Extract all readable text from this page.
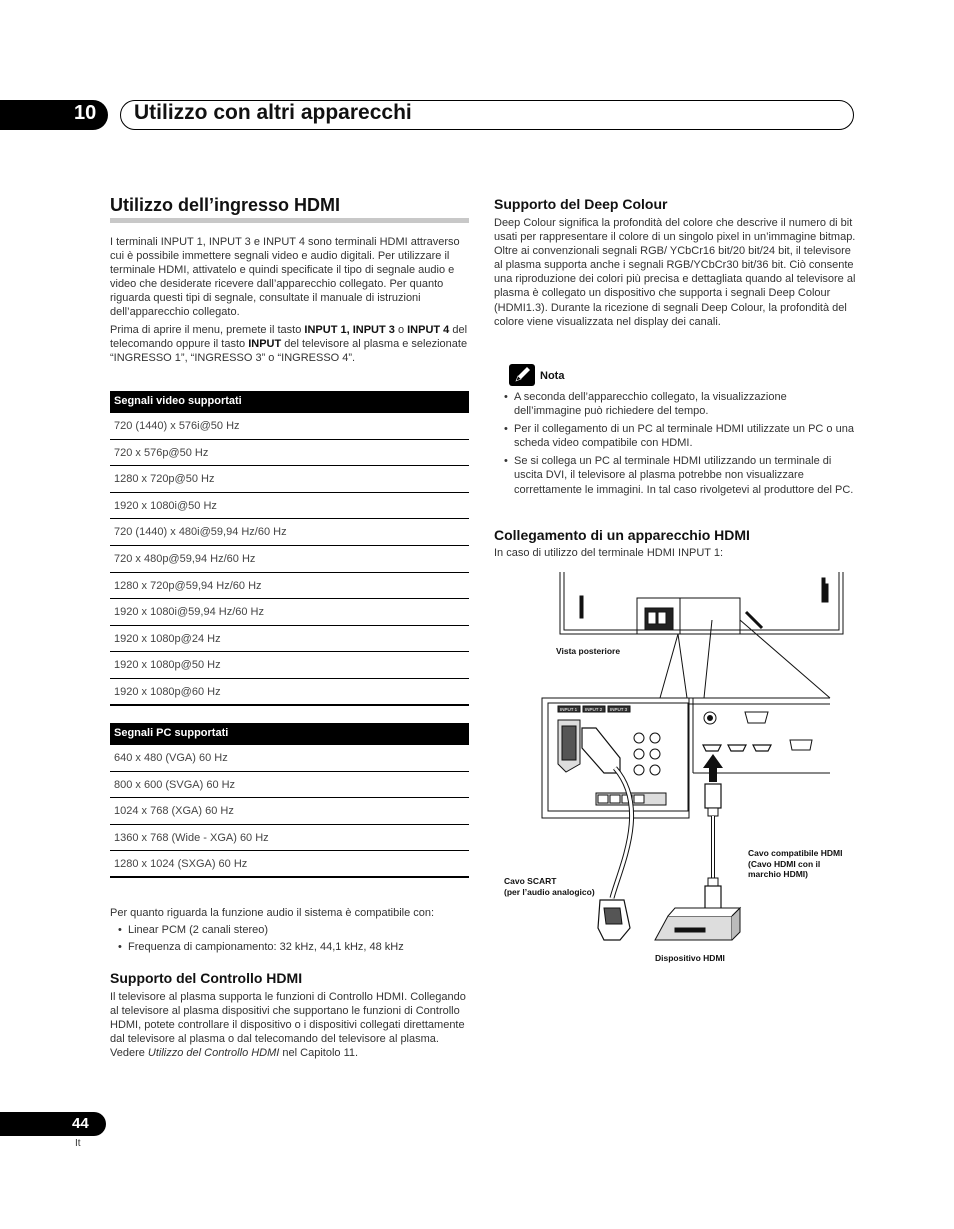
10 Utilizzo con altri apparecchi
Utilizzo dell’ingresso HDMI
I terminali INPUT 1, INPUT 3 e INPUT 4 sono terminali HDMI attraverso cui è possibile immettere segnali video e audio digitali. Per utilizzare il terminale HDMI, attivatelo e quindi specificate il tipo di segnale audio e video che desiderate ricevere dall’apparecchio collegato. Per quanto riguarda questi tipi di segnale, consultate il manuale di istruzioni dell’apparecchio collegato.
Prima di aprire il menu, premete il tasto INPUT 1, INPUT 3 o INPUT 4 del telecomando oppure il tasto INPUT del televisore al plasma e selezionate “INGRESSO 1”, “INGRESSO 3” o “INGRESSO 4”.
Segnali video supportati
720 (1440) x 576i@50 Hz
720 x 576p@50 Hz
1280 x 720p@50 Hz
1920 x 1080i@50 Hz
720 (1440) x 480i@59,94 Hz/60 Hz
720 x 480p@59,94 Hz/60 Hz
1280 x 720p@59,94 Hz/60 Hz
1920 x 1080i@59,94 Hz/60 Hz
1920 x 1080p@24 Hz
1920 x 1080p@50 Hz
1920 x 1080p@60 Hz
Segnali PC supportati
640 x 480 (VGA) 60 Hz
800 x 600 (SVGA) 60 Hz
1024 x 768 (XGA) 60 Hz
1360 x 768 (Wide - XGA) 60 Hz
1280 x 1024 (SXGA) 60 Hz
Per quanto riguarda la funzione audio il sistema è compatibile con:
• Linear PCM (2 canali stereo)
• Frequenza di campionamento: 32 kHz, 44,1 kHz, 48 kHz
Supporto del Controllo HDMI
Il televisore al plasma supporta le funzioni di Controllo HDMI. Collegando al televisore al plasma dispositivi che supportano le funzioni di Controllo HDMI, potete controllare il dispositivo o i dispositivi collegati direttamente dal televisore al plasma o dal telecomando del televisore al plasma. Vedere Utilizzo del Controllo HDMI nel Capitolo 11.
Supporto del Deep Colour
Deep Colour significa la profondità del colore che descrive il numero di bit usati per rappresentare il colore di un singolo pixel in un’immagine bitmap. Oltre ai convenzionali segnali RGB/ YCbCr16 bit/20 bit/24 bit, il televisore al plasma supporta anche i segnali RGB/YCbCr30 bit/36 bit. Ciò consente una riproduzione dei colori più precisa e dettagliata quando al televisore al plasma è collegato un dispositivo che supporta i segnali Deep Colour (HDMI1.3). Durante la ricezione di segnali Deep Colour, la profondità del colore viene visualizzata nel display dei canali.
Nota
• A seconda dell’apparecchio collegato, la visualizzazione dell’immagine può richiedere del tempo.
• Per il collegamento di un PC al terminale HDMI utilizzate un PC o una scheda video compatibile con HDMI.
• Se si collega un PC al terminale HDMI utilizzando un terminale di uscita DVI, il televisore al plasma potrebbe non visualizzare correttamente le immagini. In tal caso rivolgetevi al produttore del PC.
Collegamento di un apparecchio HDMI
In caso di utilizzo del terminale HDMI INPUT 1:
INPUT 1 INPUT 2 INPUT 3
Vista posteriore
Cavo compatibile HDMI
(Cavo HDMI con il
marchio HDMI)
Cavo SCART
(per l’audio analogico)
Dispositivo HDMI
44
It
